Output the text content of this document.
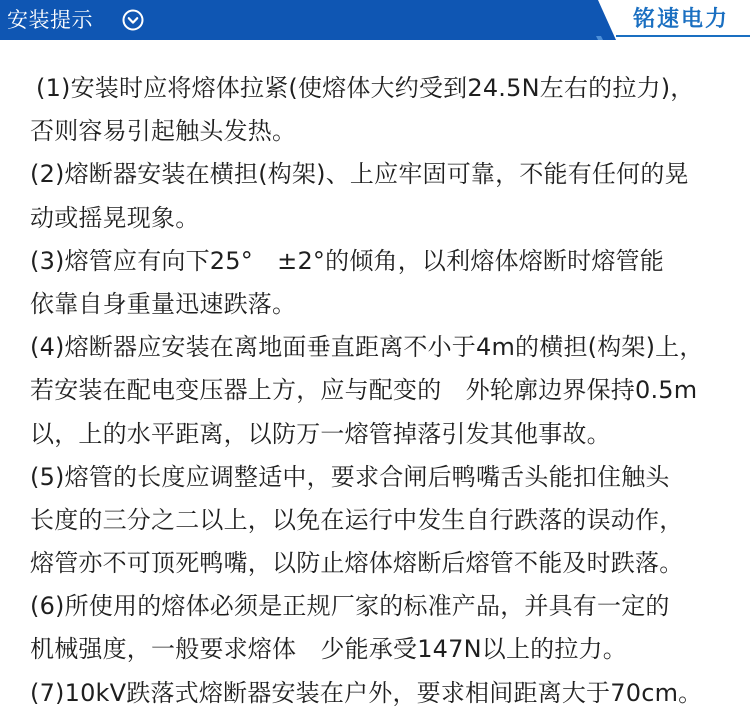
安装提示	铭速电力
(1)安装时应将熔体拉紧(使熔体大约受到24.5N左右的拉力)，
否则容易引起触头发热。
(2)熔断器安装在横担(构架)、上应牢固可靠，不能有任何的晃
动或摇晃现象。
(3)熔管应有向下25°　±2°的倾角，以利熔体熔断时熔管能
依靠自身重量迅速跌落。
(4)熔断器应安装在离地面垂直距离不小于4m的横担(构架)上，
若安装在配电变压器上方，应与配变的　外轮廓边界保持0.5m
以，上的水平距离，以防万一熔管掉落引发其他事故。
(5)熔管的长度应调整适中，要求合闸后鸭嘴舌头能扣住触头
长度的三分之二以上，以免在运行中发生自行跌落的误动作，
熔管亦不可顶死鸭嘴，以防止熔体熔断后熔管不能及时跌落。
(6)所使用的熔体必须是正规厂家的标准产品，并具有一定的
机械强度，一般要求熔体　少能承受147N以上的拉力。
(7)10kV跌落式熔断器安装在户外，要求相间距离大于70cm。
